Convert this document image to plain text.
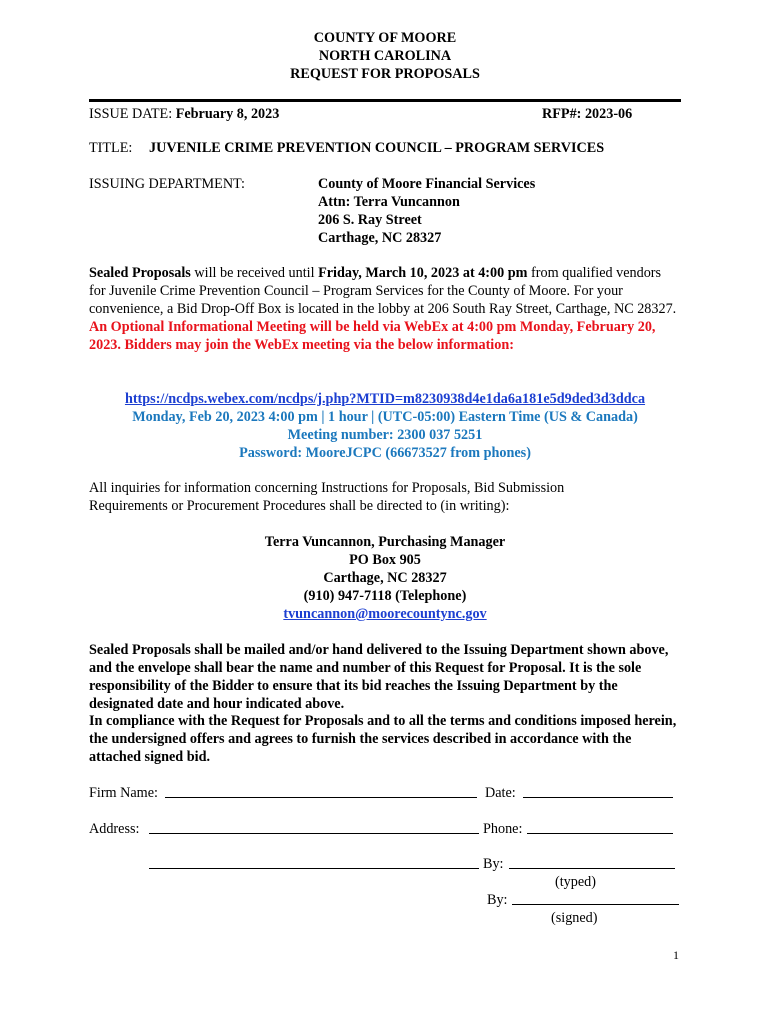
COUNTY OF MOORE
NORTH CAROLINA
REQUEST FOR PROPOSALS
ISSUE DATE: February 8, 2023	RFP#: 2023-06
TITLE: JUVENILE CRIME PREVENTION COUNCIL – PROGRAM SERVICES
ISSUING DEPARTMENT:	County of Moore Financial Services
Attn: Terra Vuncannon
206 S. Ray Street
Carthage, NC 28327

Sealed Proposals will be received until Friday, March 10, 2023 at 4:00 pm from qualified vendors for Juvenile Crime Prevention Council – Program Services for the County of Moore. For your convenience, a Bid Drop-Off Box is located in the lobby at 206 South Ray Street, Carthage, NC 28327. An Optional Informational Meeting will be held via WebEx at 4:00 pm Monday, February 20, 2023. Bidders may join the WebEx meeting via the below information:

https://ncdps.webex.com/ncdps/j.php?MTID=m8230938d4e1da6a181e5d9ded3d3ddca
Monday, Feb 20, 2023 4:00 pm | 1 hour | (UTC-05:00) Eastern Time (US & Canada)
Meeting number: 2300 037 5251
Password: MooreJCPC (66673527 from phones)

All inquiries for information concerning Instructions for Proposals, Bid Submission Requirements or Procurement Procedures shall be directed to (in writing):

Terra Vuncannon, Purchasing Manager
PO Box 905
Carthage, NC 28327
(910) 947-7118 (Telephone)
tvuncannon@moorecountync.gov

Sealed Proposals shall be mailed and/or hand delivered to the Issuing Department shown above, and the envelope shall bear the name and number of this Request for Proposal. It is the sole responsibility of the Bidder to ensure that its bid reaches the Issuing Department by the designated date and hour indicated above.

In compliance with the Request for Proposals and to all the terms and conditions imposed herein, the undersigned offers and agrees to furnish the services described in accordance with the attached signed bid.

Firm Name:	Date:
Address:	Phone:
By:
(typed)
By:
(signed)
1
